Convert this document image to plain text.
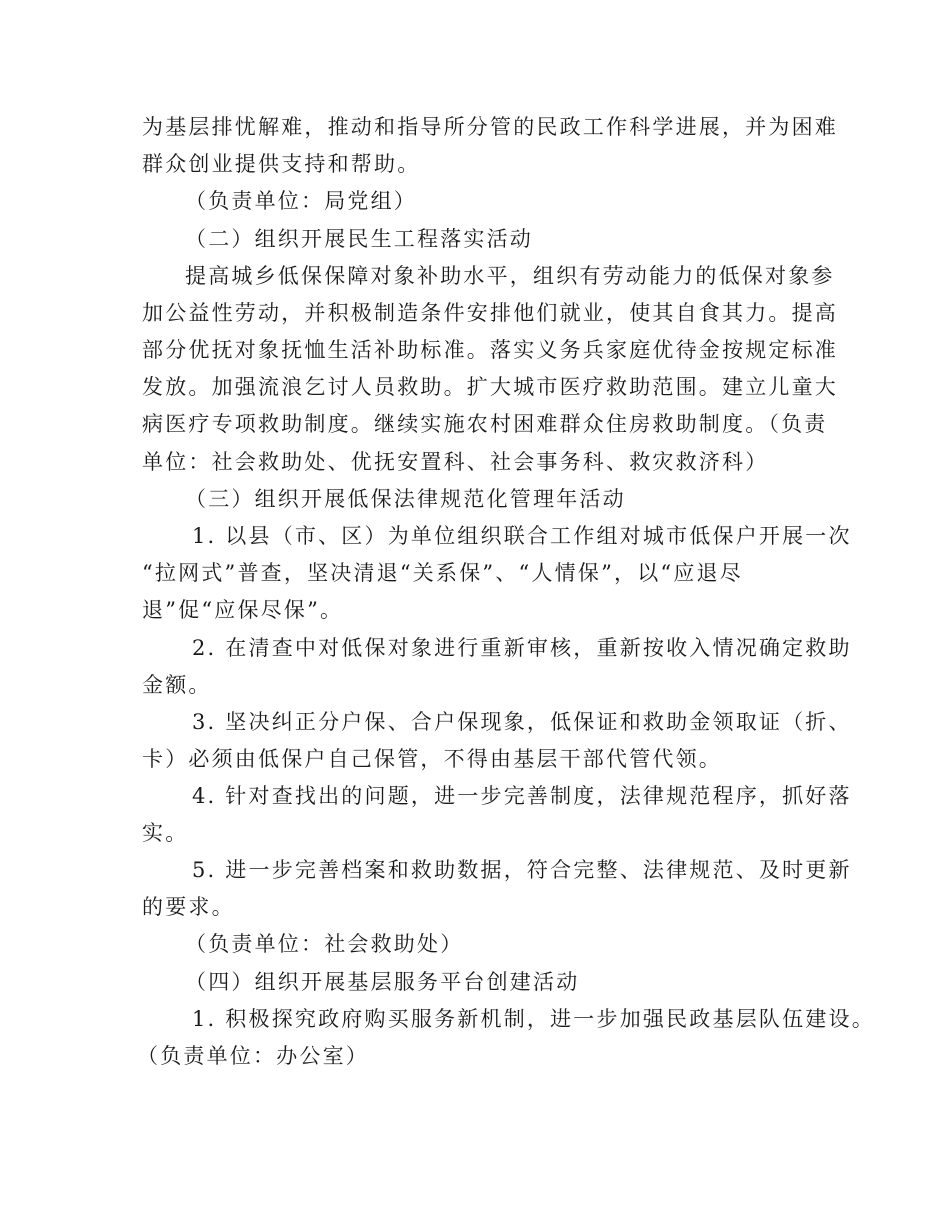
为基层排忧解难，推动和指导所分管的民政工作科学进展，并为困难
群众创业提供支持和帮助。
（负责单位：局党组）
（二）组织开展民生工程落实活动
提高城乡低保保障对象补助水平，组织有劳动能力的低保对象参
加公益性劳动，并积极制造条件安排他们就业，使其自食其力。提高
部分优抚对象抚恤生活补助标准。落实义务兵家庭优待金按规定标准
发放。加强流浪乞讨人员救助。扩大城市医疗救助范围。建立儿童大
病医疗专项救助制度。继续实施农村困难群众住房救助制度。（负责
单位：社会救助处、优抚安置科、社会事务科、救灾救济科）
（三）组织开展低保法律规范化管理年活动
1. 以县（市、区）为单位组织联合工作组对城市低保户开展一次
“拉网式”普查，坚决清退“关系保”、“人情保”，以“应退尽
退”促“应保尽保”。
2. 在清查中对低保对象进行重新审核，重新按收入情况确定救助
金额。
3. 坚决纠正分户保、合户保现象，低保证和救助金领取证（折、
卡）必须由低保户自己保管，不得由基层干部代管代领。
4. 针对查找出的问题，进一步完善制度，法律规范程序，抓好落
实。
5. 进一步完善档案和救助数据，符合完整、法律规范、及时更新
的要求。
（负责单位：社会救助处）
（四）组织开展基层服务平台创建活动
1. 积极探究政府购买服务新机制，进一步加强民政基层队伍建设。
（负责单位：办公室）
